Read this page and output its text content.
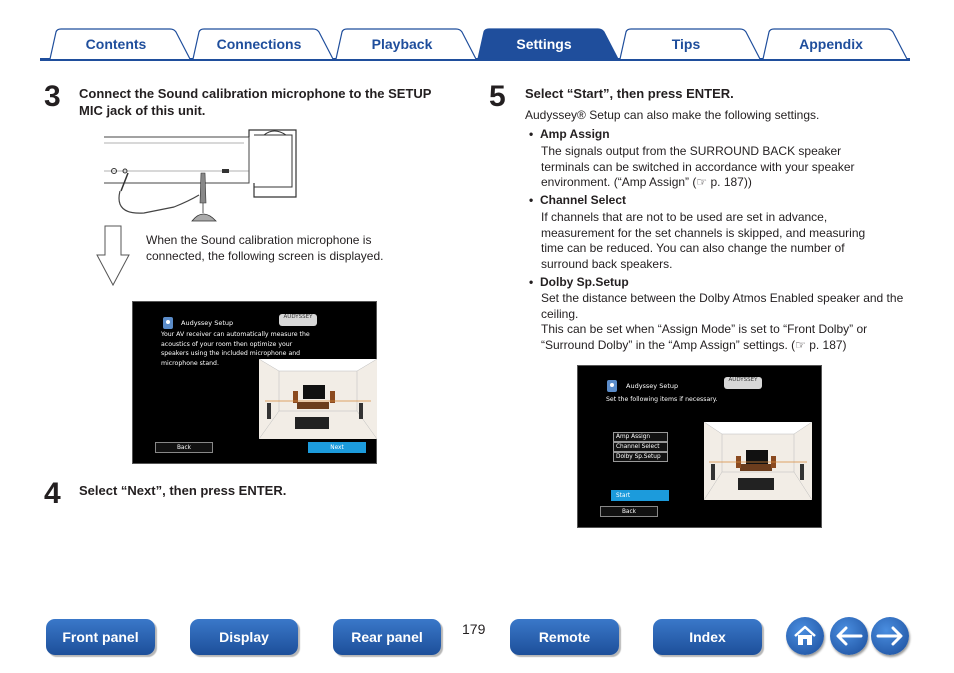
Contents	Connections	Playback	Tips	Appendix
Settings
3 Connect the Sound calibration microphone to the SETUP MIC jack of this unit.
When the Sound calibration microphone is connected, the following screen is displayed.
Audyssey Setup
AUDYSSEY
Your AV receiver can automatically measure the acoustics of your room then optimize your speakers using the included microphone and microphone stand.
Back	Next
4 Select “Next”, then press ENTER.
5 Select “Start”, then press ENTER.
Audyssey® Setup can also make the following settings.
• Amp Assign
The signals output from the SURROUND BACK speaker terminals can be switched in accordance with your speaker environment. (“Amp Assign” (☞ p. 187))
• Channel Select
If channels that are not to be used are set in advance, measurement for the set channels is skipped, and measuring time can be reduced. You can also change the number of surround back speakers.
• Dolby Sp.Setup
Set the distance between the Dolby Atmos Enabled speaker and the ceiling.
This can be set when “Assign Mode” is set to “Front Dolby” or “Surround Dolby” in the “Amp Assign” settings. (☞ p. 187)
Audyssey Setup
AUDYSSEY
Set the following items if necessary.
Amp Assign
Channel Select
Dolby Sp.Setup
Start
Back
Front panel	Display	Rear panel	179	Remote	Index
